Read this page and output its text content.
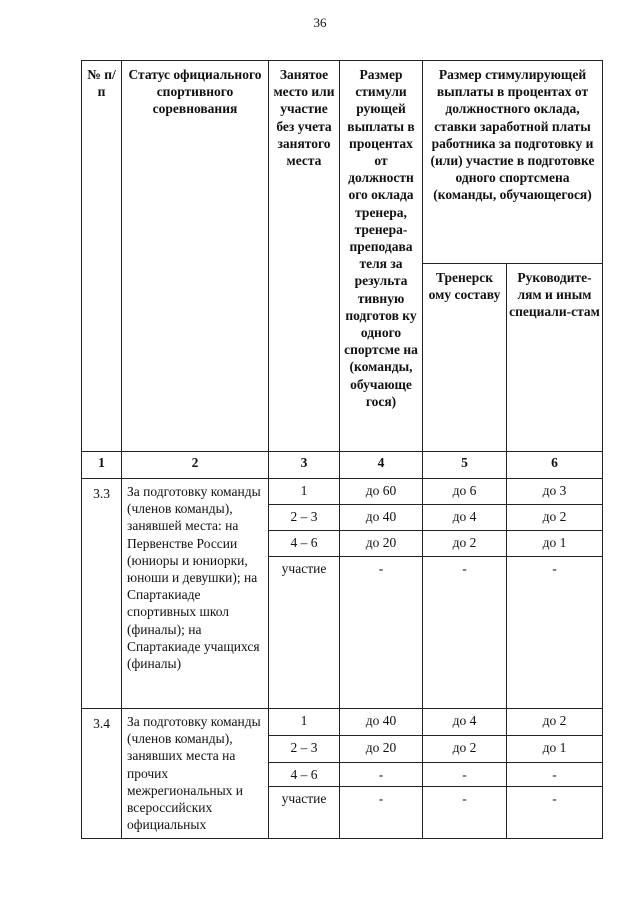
36
№ п/п	Статус официального спортивного соревнования	Занятое место или участие без учета занятого места	Размер стимули рующей выплаты в процентах от должностн ого оклада тренера, тренера-преподава теля за результа тивную подготов ку одного спортсме на (команды, обучающе гося)	Размер стимулирующей выплаты в процентах от должностного оклада, ставки заработной платы работника за подготовку и (или) участие в подготовке одного спортсмена (команды, обучающегося)	
				Тренерск ому составу	Руководите-лям и иным специали-стам
1	2	3	4	5	6
3.3	За подготовку команды (членов команды), занявшей места: на Первенстве России (юниоры и юниорки, юноши и девушки); на Спартакиаде спортивных школ (финалы); на Спартакиаде учащихся (финалы)	1	до 60	до 6	до 3
		2 – 3	до 40	до 4	до 2
		4 – 6	до 20	до 2	до 1
		участие	-	-	-
3.4	За подготовку команды (членов команды), занявших места на прочих межрегиональных и всероссийских официальных	1	до 40	до 4	до 2
		2 – 3	до 20	до 2	до 1
		4 – 6	-	-	-
		участие	-	-	-
